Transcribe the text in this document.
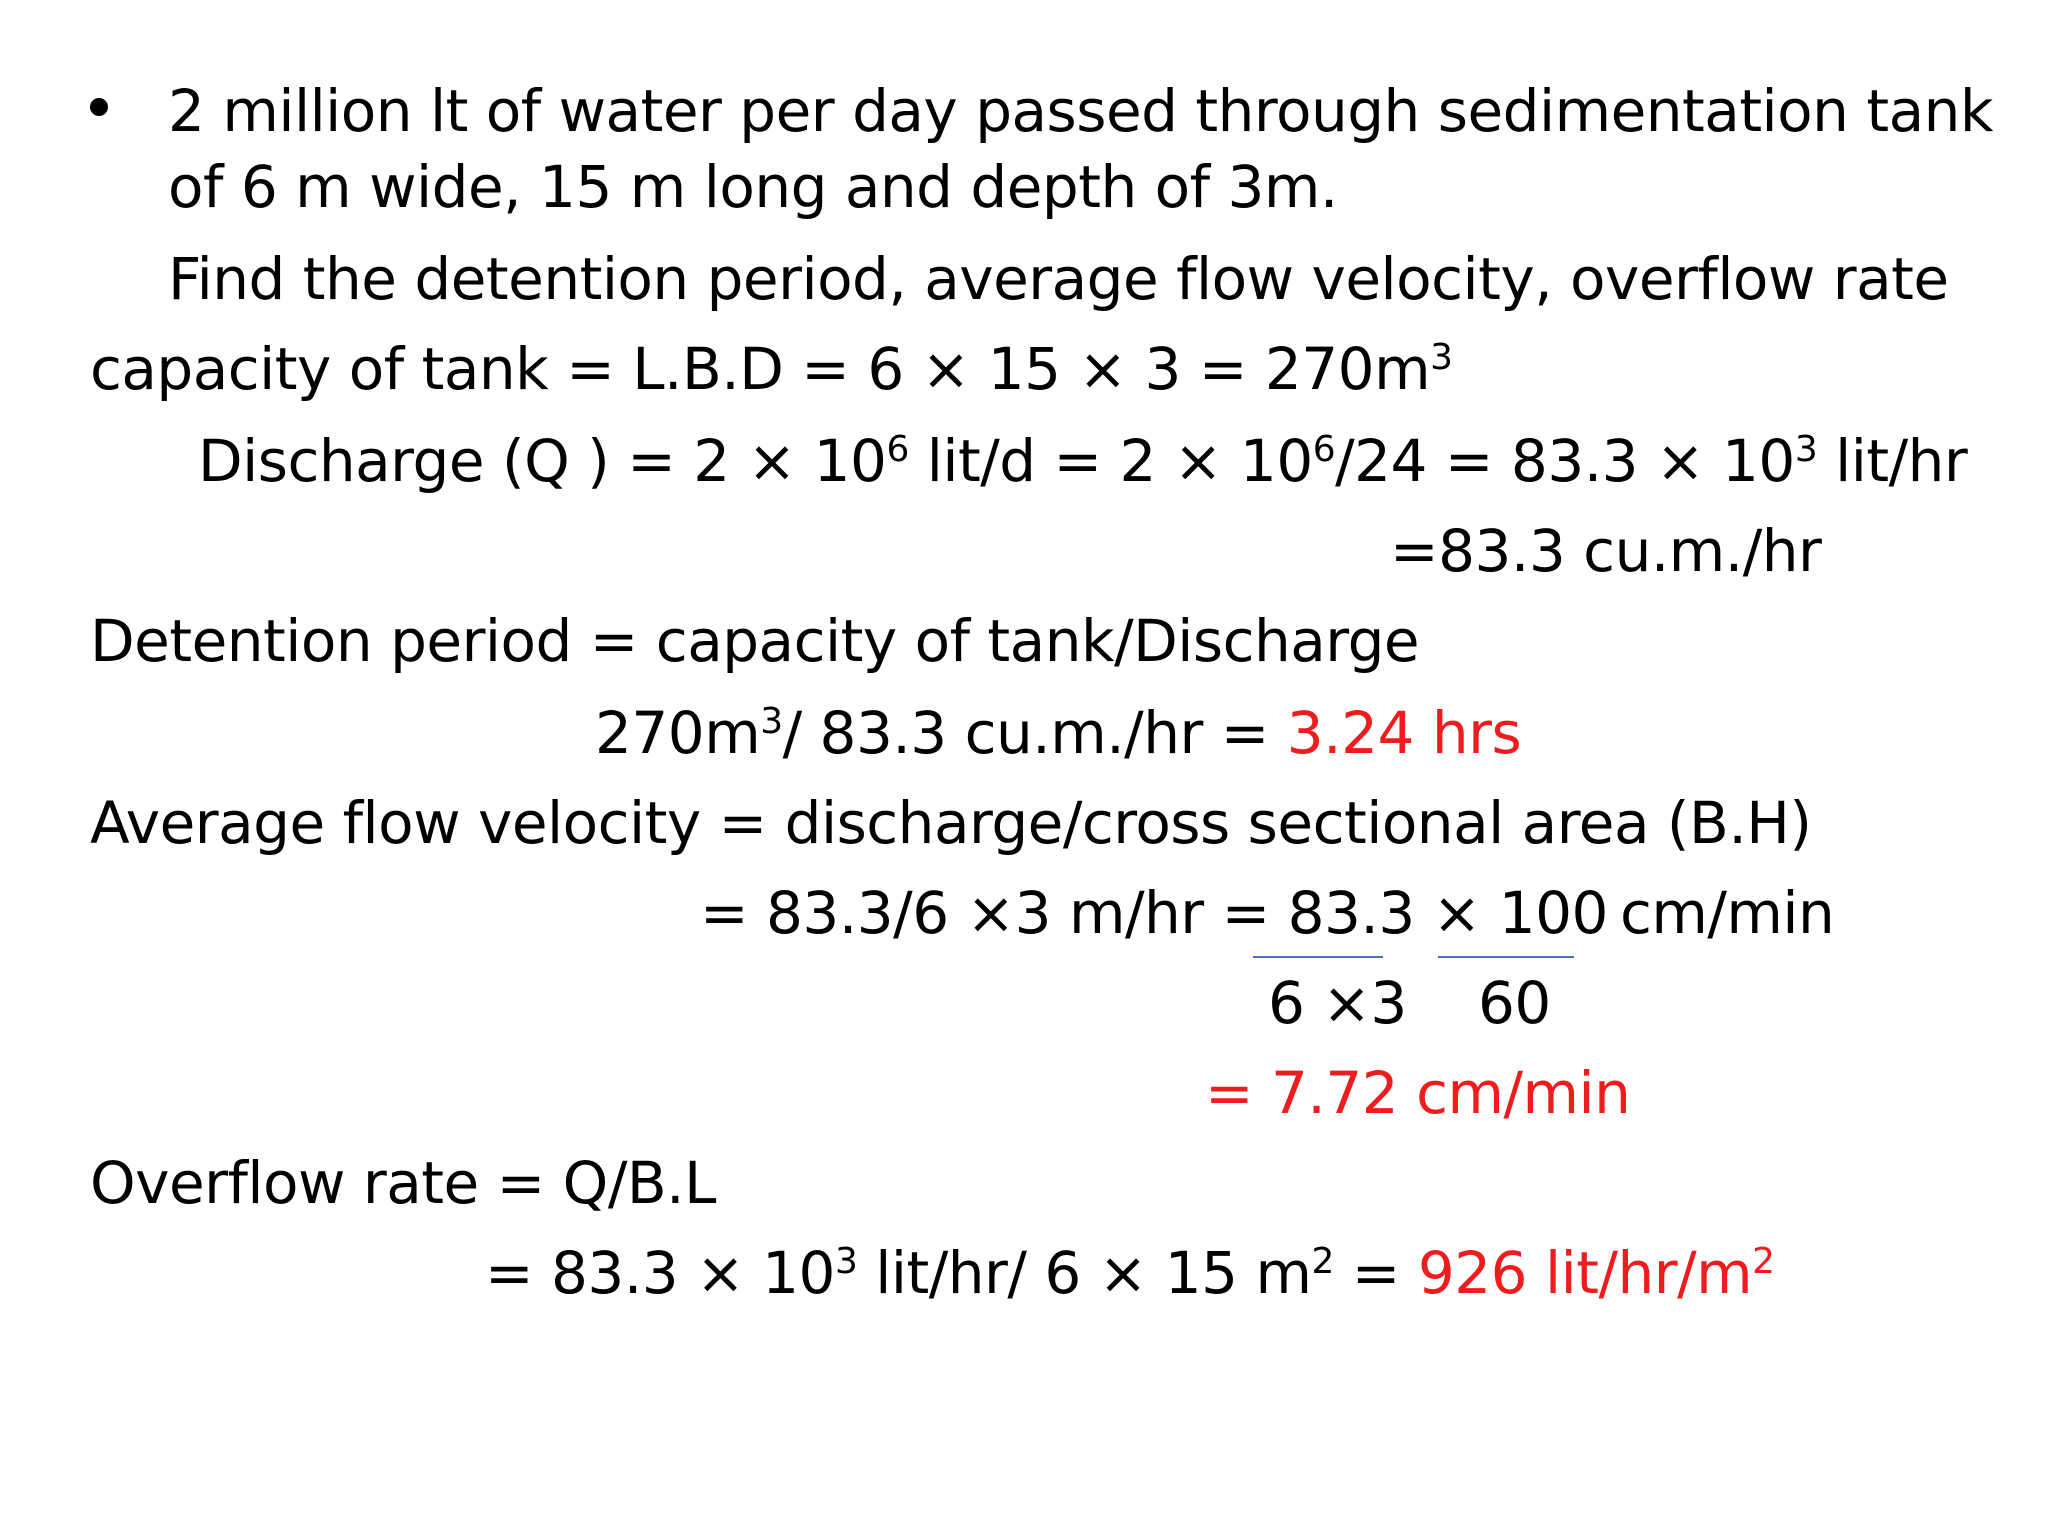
2 million lt of water per day passed through sedimentation tank
of 6 m wide, 15 m long and depth of 3m.
Find the detention period, average flow velocity, overflow rate
capacity of $\tan k = L.B.D = 6 \times 15 \times 3 = 270m^3$
Discharge (Q ) = $2 \times 10^6$ $lit/d = 2 \times 10^6/24 = 83.3 \times 10^3$ lit/hr
=83.3 cu.m./hr
Detention period = capacity of tank/Discharge
$270m^3/$ 83.3 cu.m./hr = 3.24 hrs
Average flow velocity = discharge/cross sectional area (B.H)
= 83.3/6 ×3 m/hr = 83.3 × 100 cm/min
6 ×3 60
= 7.72 cm/min
Overflow rate = Q/B.L
= $83.3 \times 10^3$ lit/hr/ 6 × 15 $m^2 = 926$ lit/$hr/m^2$
